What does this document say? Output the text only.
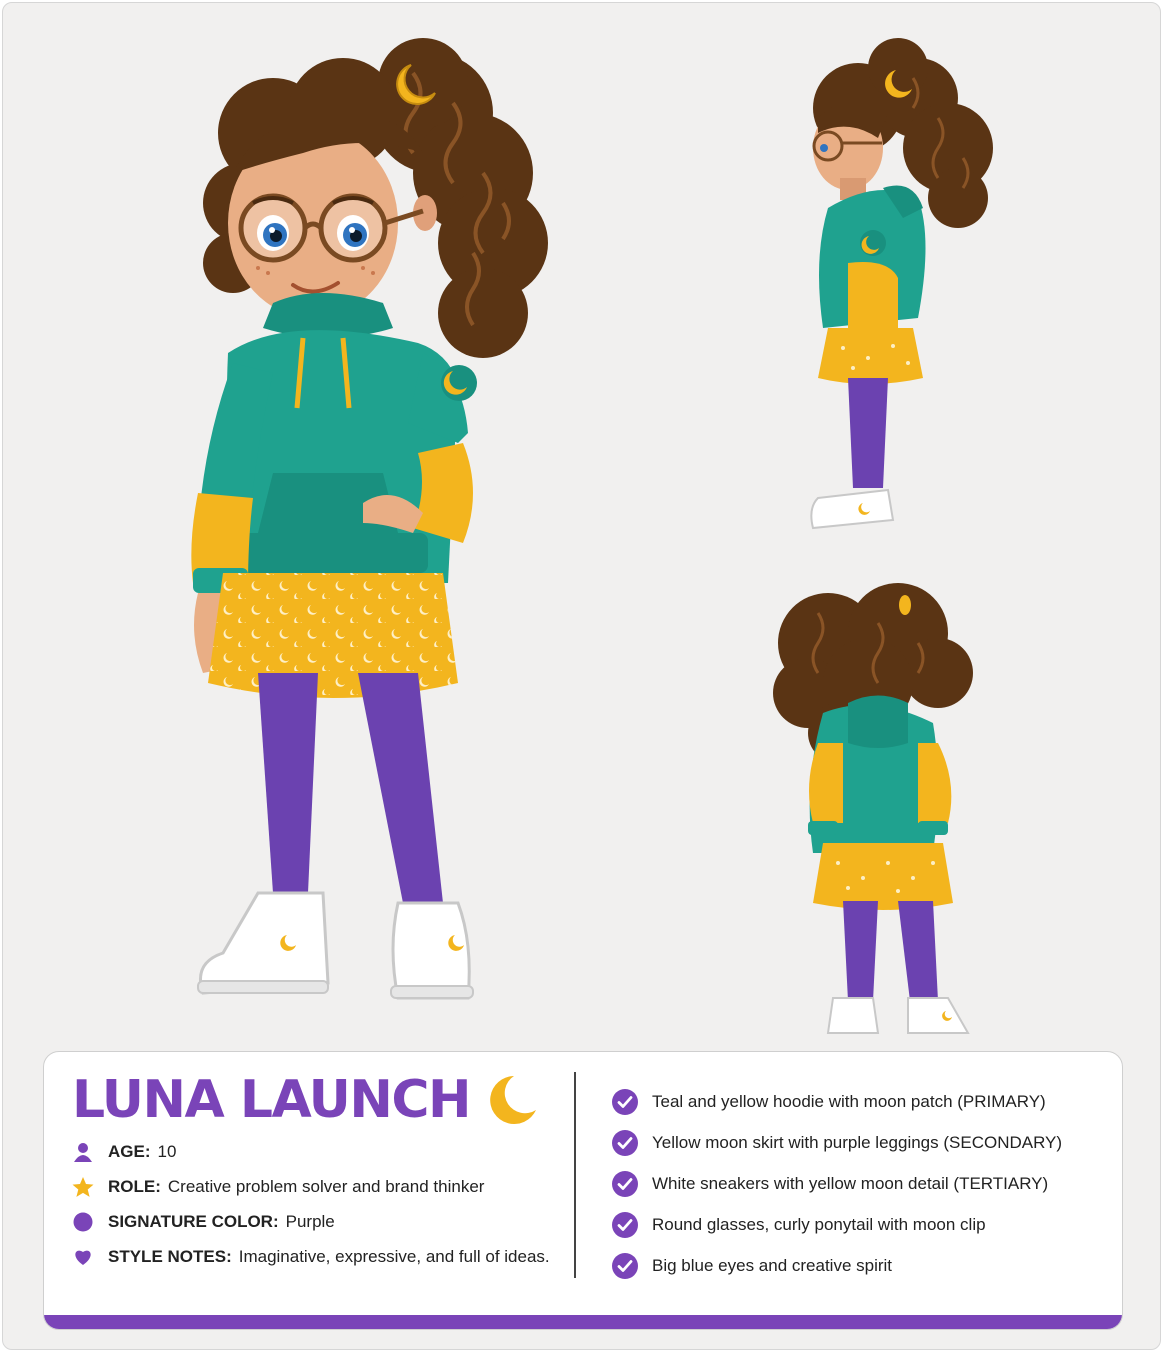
LUNA LAUNCH
AGE: 10
ROLE: Creative problem solver and brand thinker
SIGNATURE COLOR: Purple
STYLE NOTES: Imaginative, expressive, and full of ideas.
Teal and yellow hoodie with moon patch (PRIMARY)
Yellow moon skirt with purple leggings (SECONDARY)
White sneakers with yellow moon detail (TERTIARY)
Round glasses, curly ponytail with moon clip
Big blue eyes and creative spirit
